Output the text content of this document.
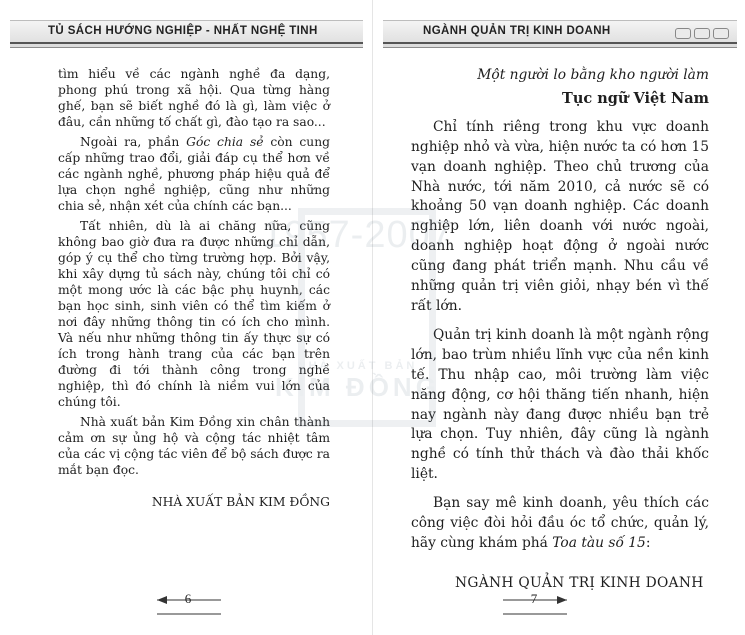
TỦ SÁCH HƯỚNG NGHIỆP - NHẤT NGHỆ TINH

tìm hiểu về các ngành nghề đa dạng, phong phú trong xã hội. Qua từng hàng ghế, bạn sẽ biết nghề đó là gì, làm việc ở đâu, cần những tố chất gì, đào tạo ra sao...

Ngoài ra, phần Góc chia sẻ còn cung cấp những trao đổi, giải đáp cụ thể hơn về các ngành nghề, phương pháp hiệu quả để lựa chọn nghề nghiệp, cũng như những chia sẻ, nhận xét của chính các bạn...

Tất nhiên, dù là ai chăng nữa, cũng không bao giờ đưa ra được những chỉ dẫn, góp ý cụ thể cho từng trường hợp. Bởi vậy, khi xây dựng tủ sách này, chúng tôi chỉ có một mong ước là các bậc phụ huynh, các bạn học sinh, sinh viên có thể tìm kiếm ở nơi đây những thông tin có ích cho mình. Và nếu như những thông tin ấy thực sự có ích trong hành trang của các bạn trên đường đi tới thành công trong nghề nghiệp, thì đó chính là niềm vui lớn của chúng tôi.

Nhà xuất bản Kim Đồng xin chân thành cảm ơn sự ủng hộ và cộng tác nhiệt tâm của các vị cộng tác viên để bộ sách được ra mắt bạn đọc.

NHÀ XUẤT BẢN KIM ĐỒNG

6
NGÀNH QUẢN TRỊ KINH DOANH

Một người lo bằng kho người làm

Tục ngữ Việt Nam

Chỉ tính riêng trong khu vực doanh nghiệp nhỏ và vừa, hiện nước ta có hơn 15 vạn doanh nghiệp. Theo chủ trương của Nhà nước, tới năm 2010, cả nước sẽ có khoảng 50 vạn doanh nghiệp. Các doanh nghiệp lớn, liên doanh với nước ngoài, doanh nghiệp hoạt động ở ngoài nước cũng đang phát triển mạnh. Nhu cầu về những quản trị viên giỏi, nhạy bén vì thế rất lớn.

Quản trị kinh doanh là một ngành rộng lớn, bao trùm nhiều lĩnh vực của nền kinh tế. Thu nhập cao, môi trường làm việc năng động, cơ hội thăng tiến nhanh, hiện nay ngành này đang được nhiều bạn trẻ lựa chọn. Tuy nhiên, đây cũng là ngành nghề có tính thử thách và đào thải khốc liệt.

Bạn say mê kinh doanh, yêu thích các công việc đòi hỏi đầu óc tổ chức, quản lý, hãy cùng khám phá Toa tàu số 15:

NGÀNH QUẢN TRỊ KINH DOANH

7
1957-2007
NHÀ XUẤT BẢN
KIM ĐỒNG
